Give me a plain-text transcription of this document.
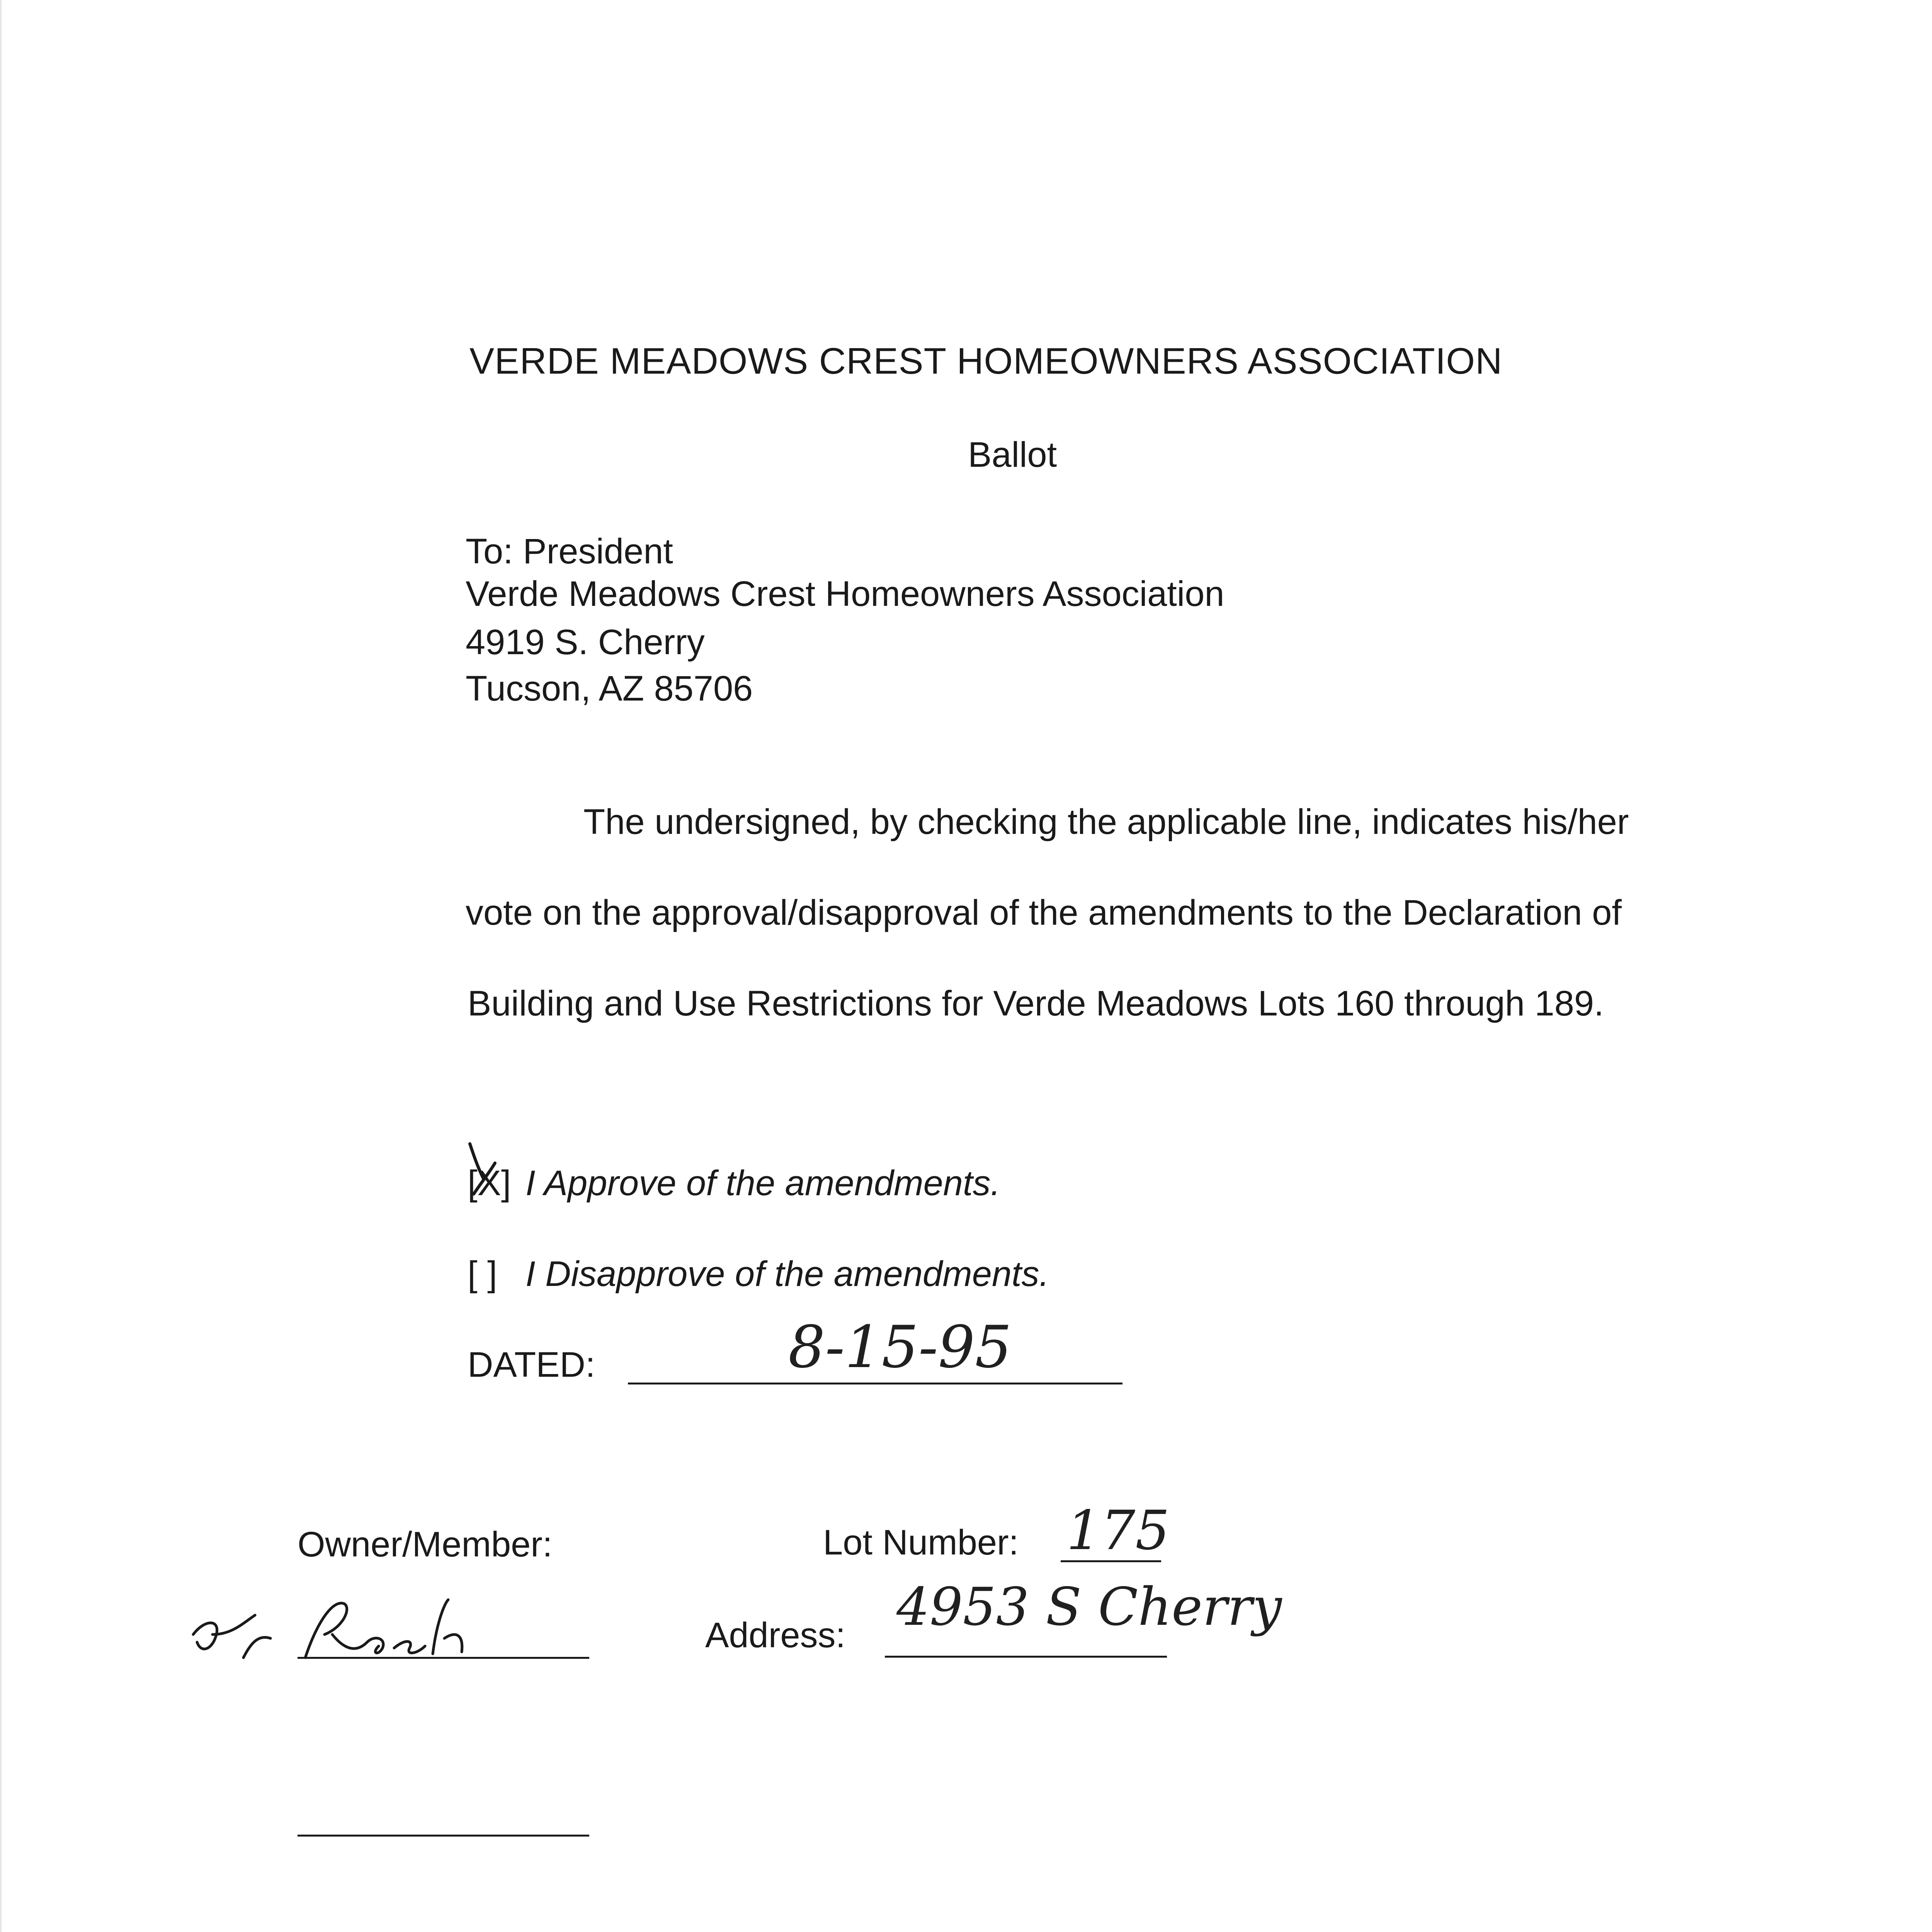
VERDE MEADOWS CREST HOMEOWNERS ASSOCIATION
Ballot
To: President
Verde Meadows Crest Homeowners Association
4919 S. Cherry
Tucson, AZ 85706
The undersigned, by checking the applicable line, indicates his/her
vote on the approval/disapproval of the amendments to the Declaration of
Building and Use Restrictions for Verde Meadows Lots 160 through 189.
[X] I Approve of the amendments.
[ ] I Disapprove of the amendments.
DATED:	8-15-95
Owner/Member:	Lot Number: 175
Address: 4953 S Cherry
